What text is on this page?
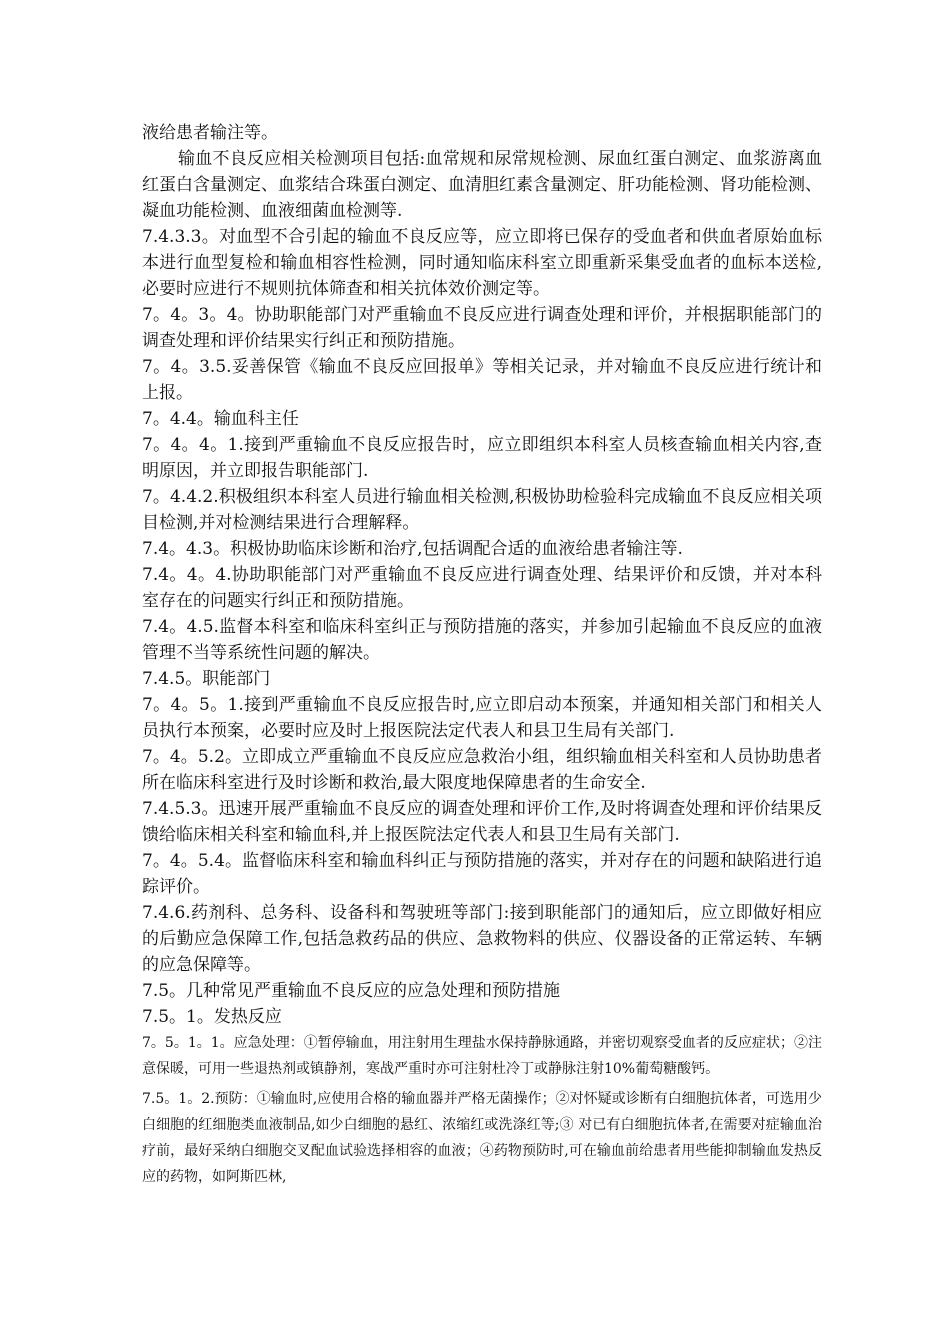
液给患者输注等。

输血不良反应相关检测项目包括:血常规和尿常规检测、尿血红蛋白测定、血浆游离血红蛋白含量测定、血浆结合珠蛋白测定、血清胆红素含量测定、肝功能检测、肾功能检测、凝血功能检测、血液细菌血检测等.

7.4.3.3。对血型不合引起的输血不良反应等，应立即将已保存的受血者和供血者原始血标本进行血型复检和输血相容性检测，同时通知临床科室立即重新采集受血者的血标本送检,必要时应进行不规则抗体筛查和相关抗体效价测定等。

7。4。3。4。协助职能部门对严重输血不良反应进行调查处理和评价，并根据职能部门的调查处理和评价结果实行纠正和预防措施。

7。4。3.5.妥善保管《输血不良反应回报单》等相关记录，并对输血不良反应进行统计和上报。

7。4.4。输血科主任

7。4。4。1.接到严重输血不良反应报告时，应立即组织本科室人员核查输血相关内容,查明原因，并立即报告职能部门.

7。4.4.2.积极组织本科室人员进行输血相关检测,积极协助检验科完成输血不良反应相关项目检测,并对检测结果进行合理解释。

7.4。4.3。积极协助临床诊断和治疗,包括调配合适的血液给患者输注等.

7.4。4。4.协助职能部门对严重输血不良反应进行调查处理、结果评价和反馈，并对本科室存在的问题实行纠正和预防措施。

7.4。4.5.监督本科室和临床科室纠正与预防措施的落实，并参加引起输血不良反应的血液管理不当等系统性问题的解决。

7.4.5。职能部门

7。4。5。1.接到严重输血不良反应报告时,应立即启动本预案，并通知相关部门和相关人员执行本预案，必要时应及时上报医院法定代表人和县卫生局有关部门.

7。4。5.2。立即成立严重输血不良反应应急救治小组，组织输血相关科室和人员协助患者所在临床科室进行及时诊断和救治,最大限度地保障患者的生命安全.

7.4.5.3。迅速开展严重输血不良反应的调查处理和评价工作,及时将调查处理和评价结果反馈给临床相关科室和输血科,并上报医院法定代表人和县卫生局有关部门.

7。4。5.4。监督临床科室和输血科纠正与预防措施的落实，并对存在的问题和缺陷进行追踪评价。

7.4.6.药剂科、总务科、设备科和驾驶班等部门:接到职能部门的通知后，应立即做好相应的后勤应急保障工作,包括急救药品的供应、急救物料的供应、仪器设备的正常运转、车辆的应急保障等。

7.5。几种常见严重输血不良反应的应急处理和预防措施

7.5。1。发热反应

7。5。1。1。应急处理：①暂停输血，用注射用生理盐水保持静脉通路，并密切观察受血者的反应症状；②注意保暖，可用一些退热剂或镇静剂，寒战严重时亦可注射杜冷丁或静脉注射10%葡萄糖酸钙。

7.5。1。2.预防：①输血时,应使用合格的输血器并严格无菌操作；②对怀疑或诊断有白细胞抗体者，可选用少白细胞的红细胞类血液制品,如少白细胞的悬红、浓缩红或洗涤红等;③ 对已有白细胞抗体者,在需要对症输血治疗前，最好采纳白细胞交叉配血试验选择相容的血液；④药物预防时,可在输血前给患者用些能抑制输血发热反应的药物，如阿斯匹林,
